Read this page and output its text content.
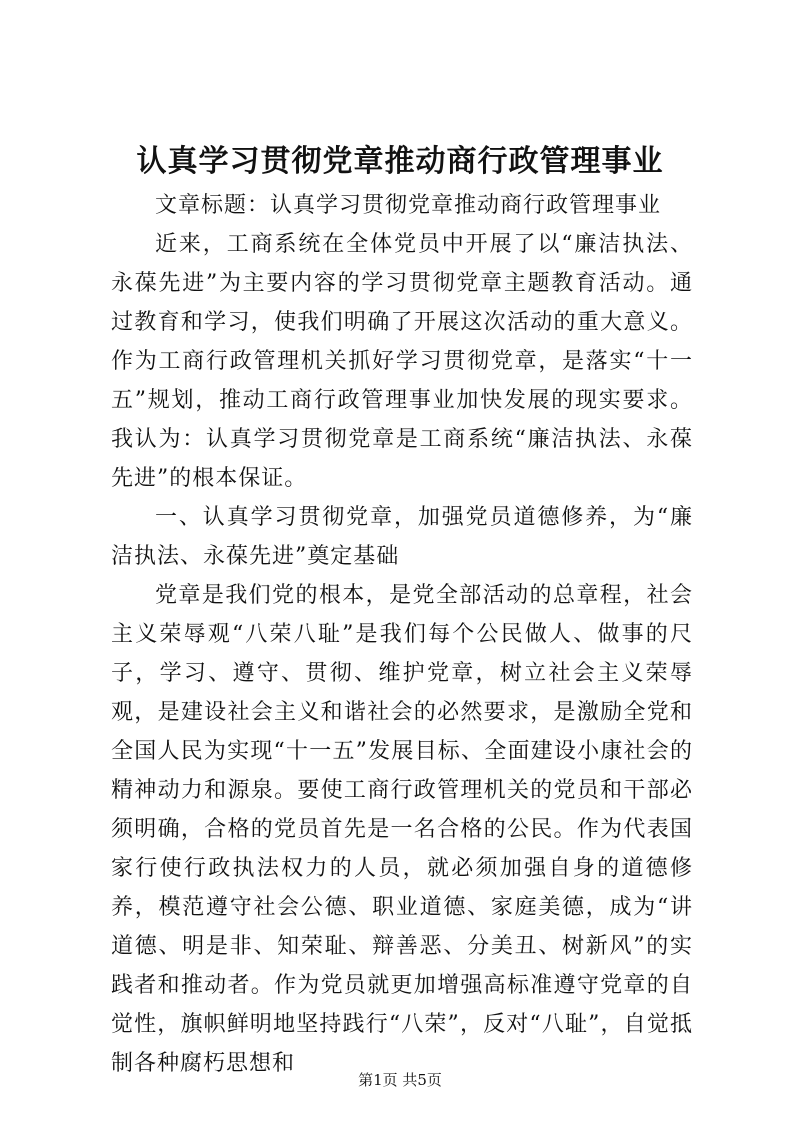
认真学习贯彻党章推动商行政管理事业

文章标题：认真学习贯彻党章推动商行政管理事业

近来，工商系统在全体党员中开展了以“廉洁执法、永葆先进”为主要内容的学习贯彻党章主题教育活动。通过教育和学习，使我们明确了开展这次活动的重大意义。作为工商行政管理机关抓好学习贯彻党章，是落实“十一五”规划，推动工商行政管理事业加快发展的现实要求。我认为：认真学习贯彻党章是工商系统“廉洁执法、永葆先进”的根本保证。

一、认真学习贯彻党章，加强党员道德修养，为“廉洁执法、永葆先进”奠定基础

党章是我们党的根本，是党全部活动的总章程，社会主义荣辱观“八荣八耻”是我们每个公民做人、做事的尺子，学习、遵守、贯彻、维护党章，树立社会主义荣辱观，是建设社会主义和谐社会的必然要求，是激励全党和全国人民为实现“十一五”发展目标、全面建设小康社会的精神动力和源泉。要使工商行政管理机关的党员和干部必须明确，合格的党员首先是一名合格的公民。作为代表国家行使行政执法权力的人员，就必须加强自身的道德修养，模范遵守社会公德、职业道德、家庭美德，成为“讲道德、明是非、知荣耻、辩善恶、分美丑、树新风”的实践者和推动者。作为党员就更加增强高标准遵守党章的自觉性，旗帜鲜明地坚持践行“八荣”，反对“八耻”，自觉抵制各种腐朽思想和

第1页 共5页
